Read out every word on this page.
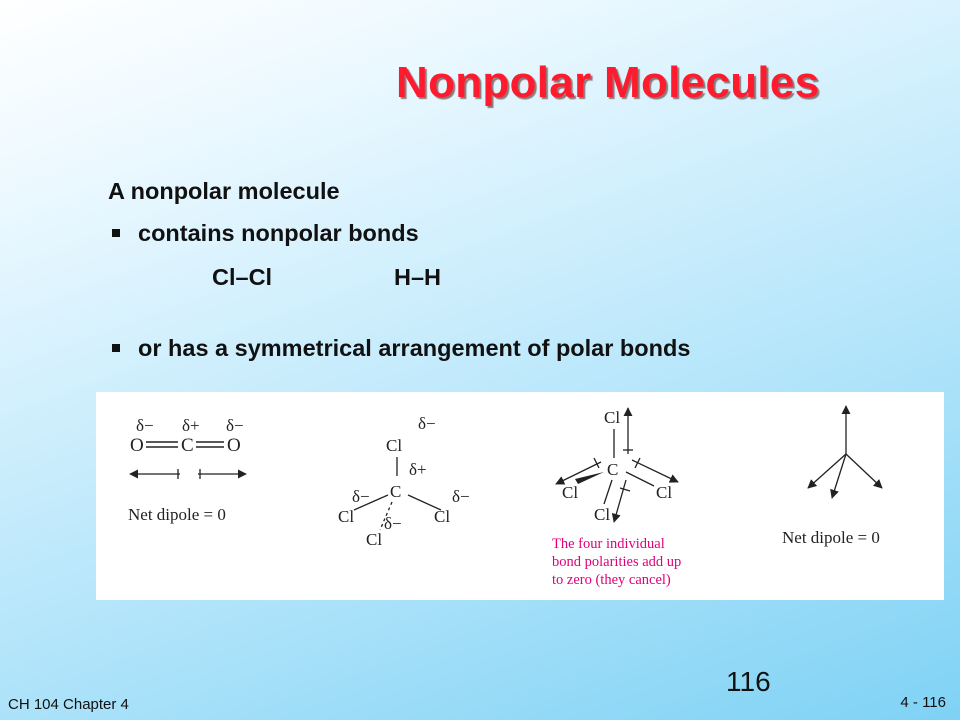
Nonpolar Molecules
A nonpolar molecule
contains nonpolar bonds
Cl–Cl	H–H
or has a symmetrical arrangement of polar bonds
δ− δ+ δ−
O C O
Net dipole = 0
δ−
Cl
δ+
C
δ−
Cl
δ−
Cl
δ−
Cl
Cl
C
Cl	Cl
Cl
The four individual
bond polarities add up
to zero (they cancel)
Net dipole = 0
116
CH 104 Chapter 4	4 - 116
